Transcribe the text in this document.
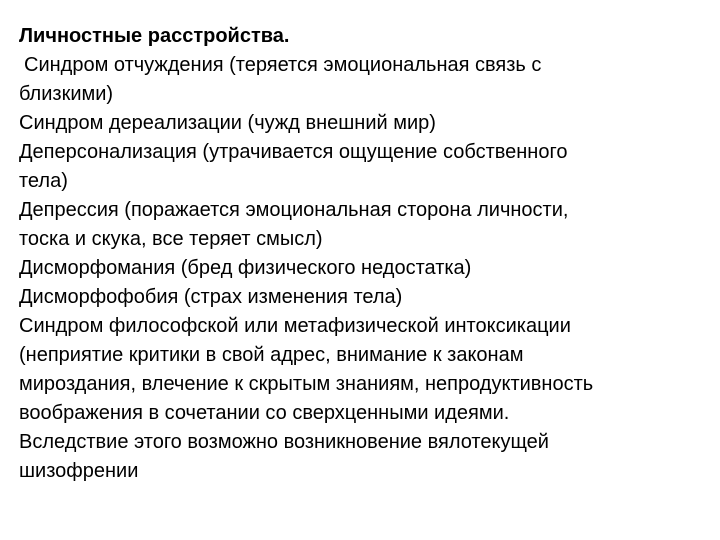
Личностные расстройства.

Синдром отчуждения (теряется эмоциональная связь с

близкими)

Синдром дереализации (чужд внешний мир)

Деперсонализация (утрачивается ощущение собственного

тела)

Депрессия (поражается эмоциональная сторона личности,

тоска и скука, все теряет смысл)

Дисморфомания (бред физического недостатка)

Дисморфофобия (страх изменения тела)

Синдром философской или метафизической интоксикации

(неприятие критики в свой адрес, внимание к законам

мироздания, влечение к скрытым знаниям, непродуктивность

воображения в сочетании со сверхценными идеями.

Вследствие этого возможно возникновение вялотекущей

шизофрении
